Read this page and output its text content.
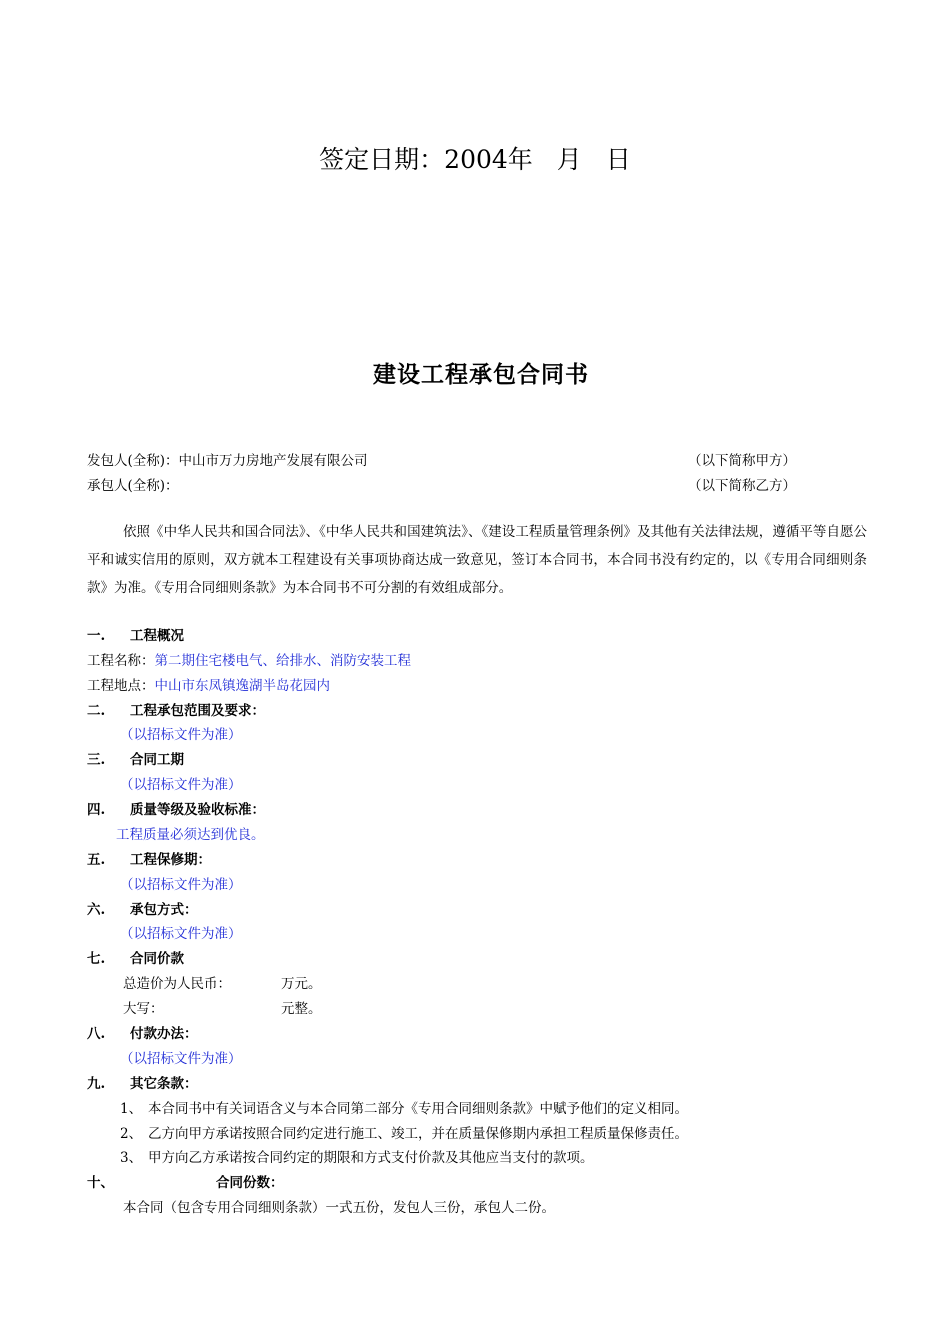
签定日期：2004年 月 日
建设工程承包合同书
发包人(全称)：中山市万力房地产发展有限公司	（以下简称甲方）
承包人(全称)：	（以下简称乙方）
依照《中华人民共和国合同法》、《中华人民共和国建筑法》、《建设工程质量管理条例》及其他有关法律法规，遵循平等自愿公平和诚实信用的原则，双方就本工程建设有关事项协商达成一致意见，签订本合同书，本合同书没有约定的，以《专用合同细则条款》为准。《专用合同细则条款》为本合同书不可分割的有效组成部分。
一. 工程概况
工程名称：第二期住宅楼电气、给排水、消防安装工程
工程地点：中山市东凤镇逸湖半岛花园内
二. 工程承包范围及要求：
（以招标文件为准）
三. 合同工期
（以招标文件为准）
四. 质量等级及验收标准：
工程质量必须达到优良。
五. 工程保修期：
（以招标文件为准）
六. 承包方式：
（以招标文件为准）
七. 合同价款
总造价为人民币：	万元。
大写：	元整。
八. 付款办法：
（以招标文件为准）
九. 其它条款：
1、 本合同书中有关词语含义与本合同第二部分《专用合同细则条款》中赋予他们的定义相同。
2、 乙方向甲方承诺按照合同约定进行施工、竣工，并在质量保修期内承担工程质量保修责任。
3、 甲方向乙方承诺按合同约定的期限和方式支付价款及其他应当支付的款项。
十、	合同份数：
本合同（包含专用合同细则条款）一式五份，发包人三份，承包人二份。
